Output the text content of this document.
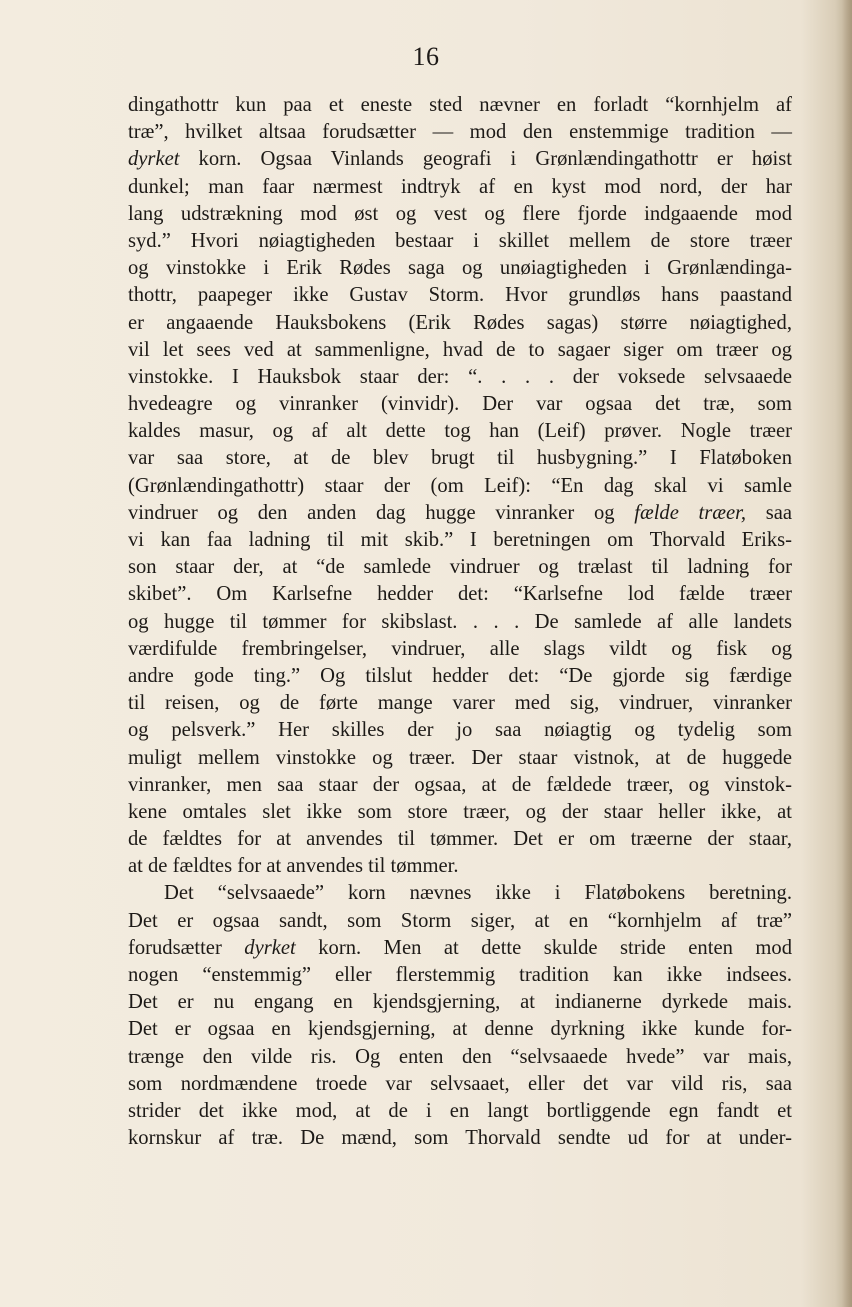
16
dingathottr kun paa et eneste sted nævner en forladt “kornhjelm af
træ”, hvilket altsaa forudsætter — mod den enstemmige tradition —
dyrket korn. Ogsaa Vinlands geografi i Grønlændingathottr er høist
dunkel; man faar nærmest indtryk af en kyst mod nord, der har
lang udstrækning mod øst og vest og flere fjorde indgaaende mod
syd.” Hvori nøiagtigheden bestaar i skillet mellem de store træer
og vinstokke i Erik Rødes saga og unøiagtigheden i Grønlændinga-
thottr, paapeger ikke Gustav Storm. Hvor grundløs hans paastand
er angaaende Hauksbokens (Erik Rødes sagas) større nøiagtighed,
vil let sees ved at sammenligne, hvad de to sagaer siger om træer og
vinstokke. I Hauksbok staar der: “. . . . der voksede selvsaaede
hvedeagre og vinranker (vinvidr). Der var ogsaa det træ, som
kaldes masur, og af alt dette tog han (Leif) prøver. Nogle træer
var saa store, at de blev brugt til husbygning.” I Flatøboken
(Grønlændingathottr) staar der (om Leif): “En dag skal vi samle
vindruer og den anden dag hugge vinranker og fælde træer, saa
vi kan faa ladning til mit skib.” I beretningen om Thorvald Eriks-
son staar der, at “de samlede vindruer og trælast til ladning for
skibet”. Om Karlsefne hedder det: “Karlsefne lod fælde træer
og hugge til tømmer for skibslast. . . . De samlede af alle landets
værdifulde frembringelser, vindruer, alle slags vildt og fisk og
andre gode ting.” Og tilslut hedder det: “De gjorde sig færdige
til reisen, og de førte mange varer med sig, vindruer, vinranker
og pelsverk.” Her skilles der jo saa nøiagtig og tydelig som
muligt mellem vinstokke og træer. Der staar vistnok, at de huggede
vinranker, men saa staar der ogsaa, at de fældede træer, og vinstok-
kene omtales slet ikke som store træer, og der staar heller ikke, at
de fældtes for at anvendes til tømmer. Det er om træerne der staar,
at de fældtes for at anvendes til tømmer.
Det “selvsaaede” korn nævnes ikke i Flatøbokens beretning.
Det er ogsaa sandt, som Storm siger, at en “kornhjelm af træ”
forudsætter dyrket korn. Men at dette skulde stride enten mod
nogen “enstemmig” eller flerstemmig tradition kan ikke indsees.
Det er nu engang en kjendsgjerning, at indianerne dyrkede mais.
Det er ogsaa en kjendsgjerning, at denne dyrkning ikke kunde for-
trænge den vilde ris. Og enten den “selvsaaede hvede” var mais,
som nordmændene troede var selvsaaet, eller det var vild ris, saa
strider det ikke mod, at de i en langt bortliggende egn fandt et
kornskur af træ. De mænd, som Thorvald sendte ud for at under-
